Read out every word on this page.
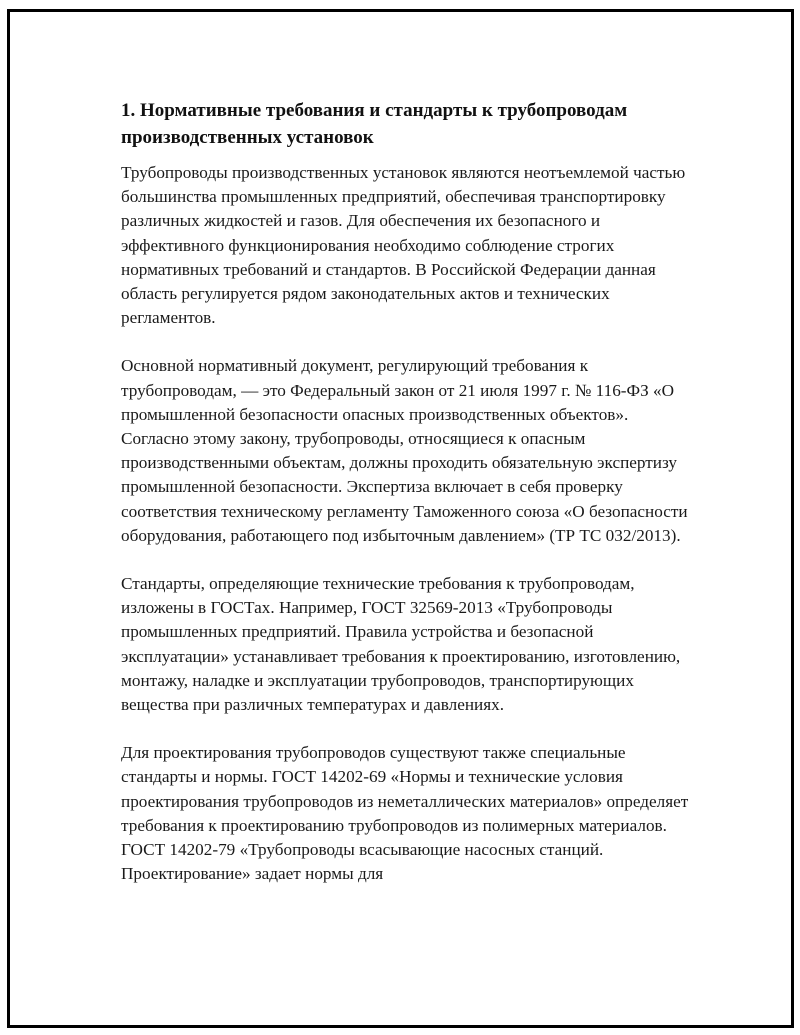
1. Нормативные требования и стандарты к трубопроводам производственных установок

Трубопроводы производственных установок являются неотъемлемой частью большинства промышленных предприятий, обеспечивая транспортировку различных жидкостей и газов. Для обеспечения их безопасного и эффективного функционирования необходимо соблюдение строгих нормативных требований и стандартов. В Российской Федерации данная область регулируется рядом законодательных актов и технических регламентов.

Основной нормативный документ, регулирующий требования к трубопроводам, — это Федеральный закон от 21 июля 1997 г. № 116-ФЗ «О промышленной безопасности опасных производственных объектов». Согласно этому закону, трубопроводы, относящиеся к опасным производственными объектам, должны проходить обязательную экспертизу промышленной безопасности. Экспертиза включает в себя проверку соответствия техническому регламенту Таможенного союза «О безопасности оборудования, работающего под избыточным давлением» (ТР ТС 032/2013).

Стандарты, определяющие технические требования к трубопроводам, изложены в ГОСТах. Например, ГОСТ 32569-2013 «Трубопроводы промышленных предприятий. Правила устройства и безопасной эксплуатации» устанавливает требования к проектированию, изготовлению, монтажу, наладке и эксплуатации трубопроводов, транспортирующих вещества при различных температурах и давлениях.

Для проектирования трубопроводов существуют также специальные стандарты и нормы. ГОСТ 14202-69 «Нормы и технические условия проектирования трубопроводов из неметаллических материалов» определяет требования к проектированию трубопроводов из полимерных материалов. ГОСТ 14202-79 «Трубопроводы всасывающие насосных станций. Проектирование» задает нормы для
